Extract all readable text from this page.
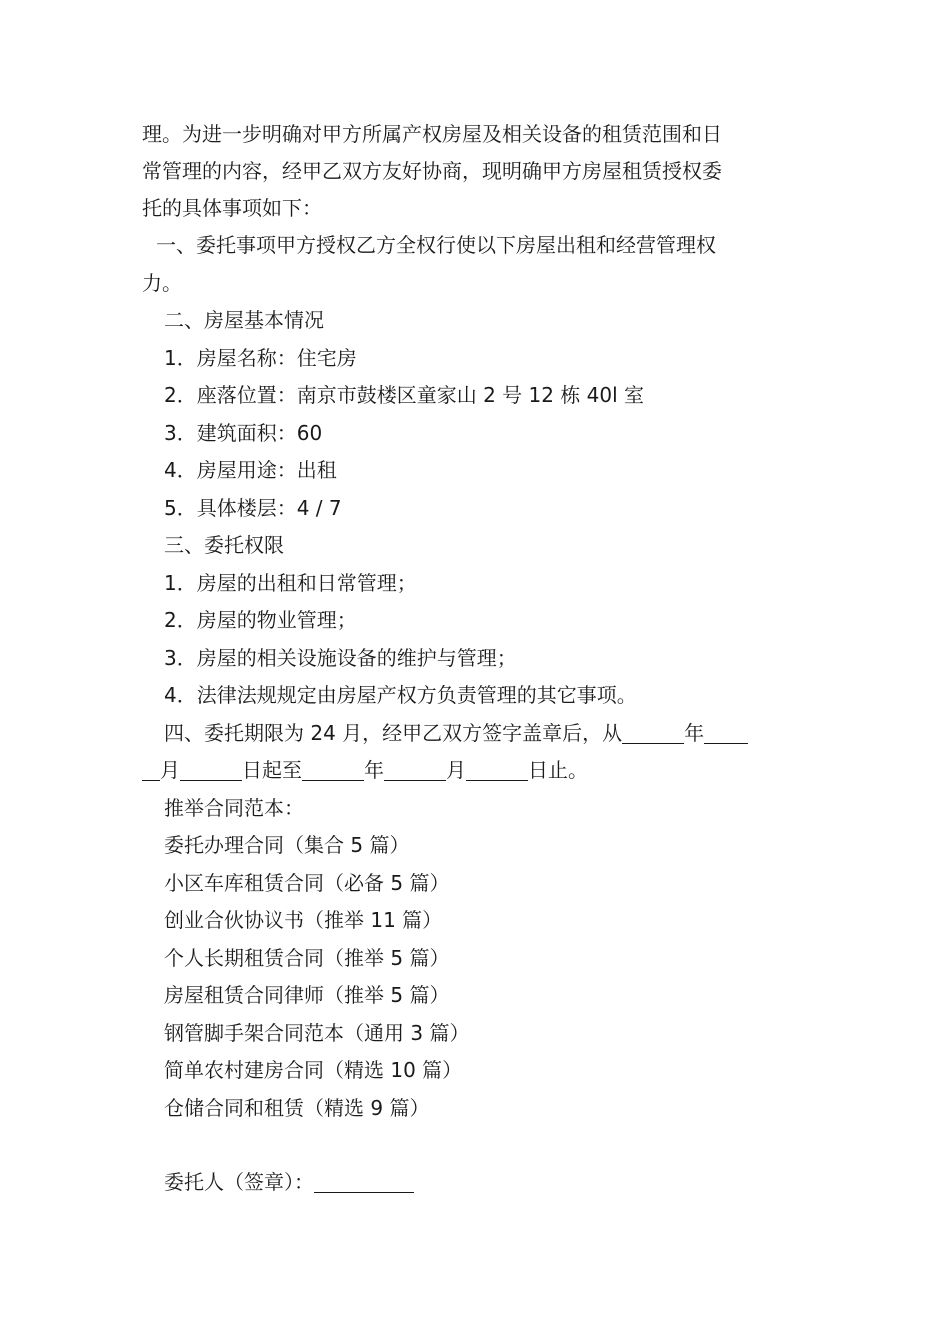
理。为进一步明确对甲方所属产权房屋及相关设备的租赁范围和日

常管理的内容，经甲乙双方友好协商，现明确甲方房屋租赁授权委

托的具体事项如下：

一、委托事项甲方授权乙方全权行使以下房屋出租和经营管理权
力。
二、房屋基本情况
1．房屋名称：住宅房
2．座落位置：南京市鼓楼区童家山 2 号 12 栋 40l 室
3．建筑面积：60
4．房屋用途：出租
5．具体楼层：4 / 7
三、委托权限
1．房屋的出租和日常管理；
2．房屋的物业管理；
3．房屋的相关设施设备的维护与管理；
4．法律法规规定由房屋产权方负责管理的其它事项。
四、委托期限为 24 月，经甲乙双方签字盖章后，从	年
月	日起至	年	月	日止。
推举合同范本：
委托办理合同（集合 5 篇）
小区车库租赁合同（必备 5 篇）
创业合伙协议书（推举 11 篇）
个人长期租赁合同（推举 5 篇）
房屋租赁合同律师（推举 5 篇）
钢管脚手架合同范本（通用 3 篇）
简单农村建房合同（精选 10 篇）
仓储合同和租赁（精选 9 篇）
委托人（签章）：
